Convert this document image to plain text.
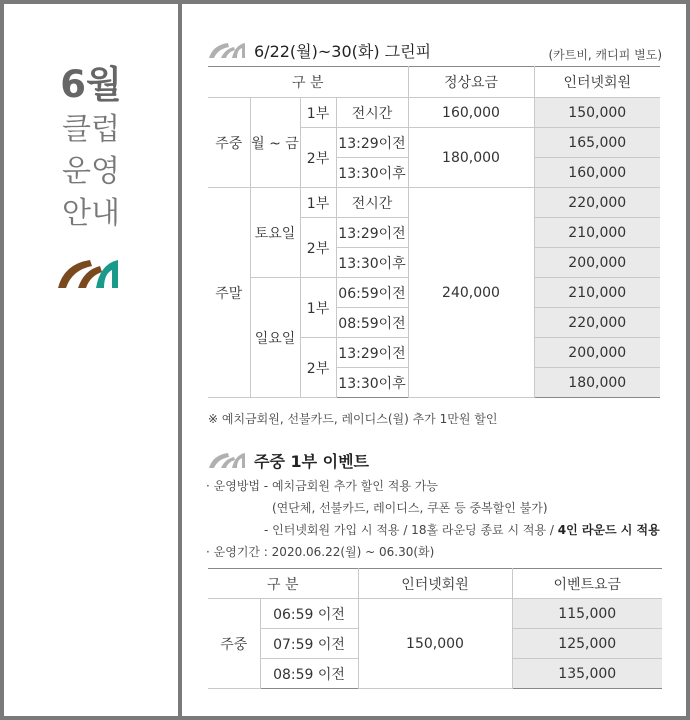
6월
클럽
운영
안내
6/22(월)~30(화) 그린피	(카트비, 캐디피 별도)
구 분				정상요금	인터넷회원
주중	월 ~ 금	1부	전시간	160,000	150,000
		2부	13:29이전	180,000	165,000
			13:30이후		160,000
주말	토요일	1부	전시간	240,000	220,000
		2부	13:29이전		210,000
			13:30이후		200,000
	일요일	1부	06:59이전		210,000
			08:59이전		220,000
		2부	13:29이전		200,000
			13:30이후		180,000
※ 예치금회원, 선불카드, 레이디스(월) 추가 1만원 할인
주중 1부 이벤트
· 운영방법 - 예치금회원 추가 할인 적용 가능
(연단체, 선불카드, 레이디스, 쿠폰 등 중복할인 불가)
- 인터넷회원 가입 시 적용 / 18홀 라운딩 종료 시 적용 / 4인 라운드 시 적용
· 운영기간 : 2020.06.22(월) ~ 06.30(화)
구 분		인터넷회원	이벤트요금
주중	06:59 이전	150,000	115,000
	07:59 이전		125,000
	08:59 이전		135,000
